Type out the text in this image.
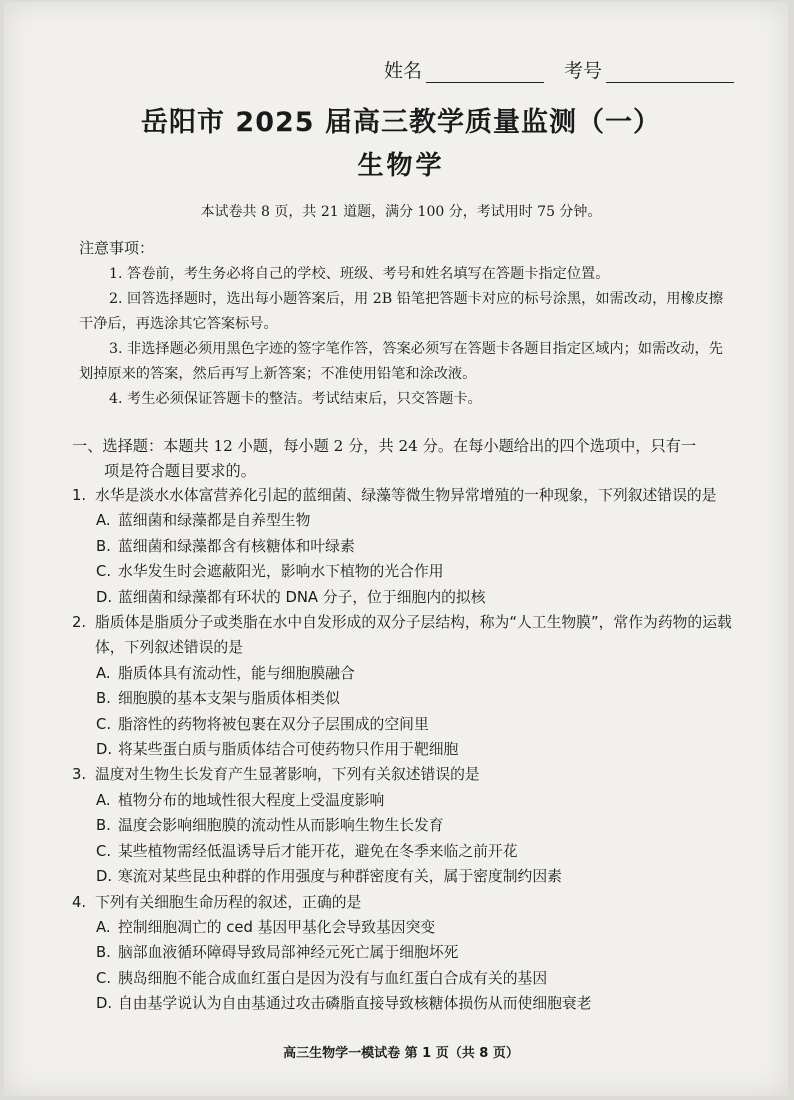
姓名	考号
岳阳市 2025 届高三教学质量监测（一）
生物学
本试卷共 8 页，共 21 道题，满分 100 分，考试用时 75 分钟。
注意事项：

1. 答卷前，考生务必将自己的学校、班级、考号和姓名填写在答题卡指定位置。

2. 回答选择题时，选出每小题答案后，用 2B 铅笔把答题卡对应的标号涂黑，如需改动，用橡皮擦干净后，再选涂其它答案标号。

3. 非选择题必须用黑色字迹的签字笔作答，答案必须写在答题卡各题目指定区域内；如需改动，先划掉原来的答案，然后再写上新答案；不准使用铅笔和涂改液。

4. 考生必须保证答题卡的整洁。考试结束后，只交答题卡。

一、选择题：本题共 12 小题，每小题 2 分，共 24 分。在每小题给出的四个选项中，只有一
项是符合题目要求的。
1. 水华是淡水水体富营养化引起的蓝细菌、绿藻等微生物异常增殖的一种现象，下列叙述错误的是
A. 蓝细菌和绿藻都是自养型生物
B. 蓝细菌和绿藻都含有核糖体和叶绿素
C. 水华发生时会遮蔽阳光，影响水下植物的光合作用
D. 蓝细菌和绿藻都有环状的 DNA 分子，位于细胞内的拟核
2. 脂质体是脂质分子或类脂在水中自发形成的双分子层结构，称为“人工生物膜”，常作为药物的运载体，下列叙述错误的是
A. 脂质体具有流动性，能与细胞膜融合
B. 细胞膜的基本支架与脂质体相类似
C. 脂溶性的药物将被包裹在双分子层围成的空间里
D. 将某些蛋白质与脂质体结合可使药物只作用于靶细胞
3. 温度对生物生长发育产生显著影响，下列有关叙述错误的是
A. 植物分布的地域性很大程度上受温度影响
B. 温度会影响细胞膜的流动性从而影响生物生长发育
C. 某些植物需经低温诱导后才能开花，避免在冬季来临之前开花
D. 寒流对某些昆虫种群的作用强度与种群密度有关，属于密度制约因素
4. 下列有关细胞生命历程的叙述，正确的是
A. 控制细胞凋亡的 ced 基因甲基化会导致基因突变
B. 脑部血液循环障碍导致局部神经元死亡属于细胞坏死
C. 胰岛细胞不能合成血红蛋白是因为没有与血红蛋白合成有关的基因
D. 自由基学说认为自由基通过攻击磷脂直接导致核糖体损伤从而使细胞衰老
高三生物学一模试卷 第 1 页（共 8 页）
